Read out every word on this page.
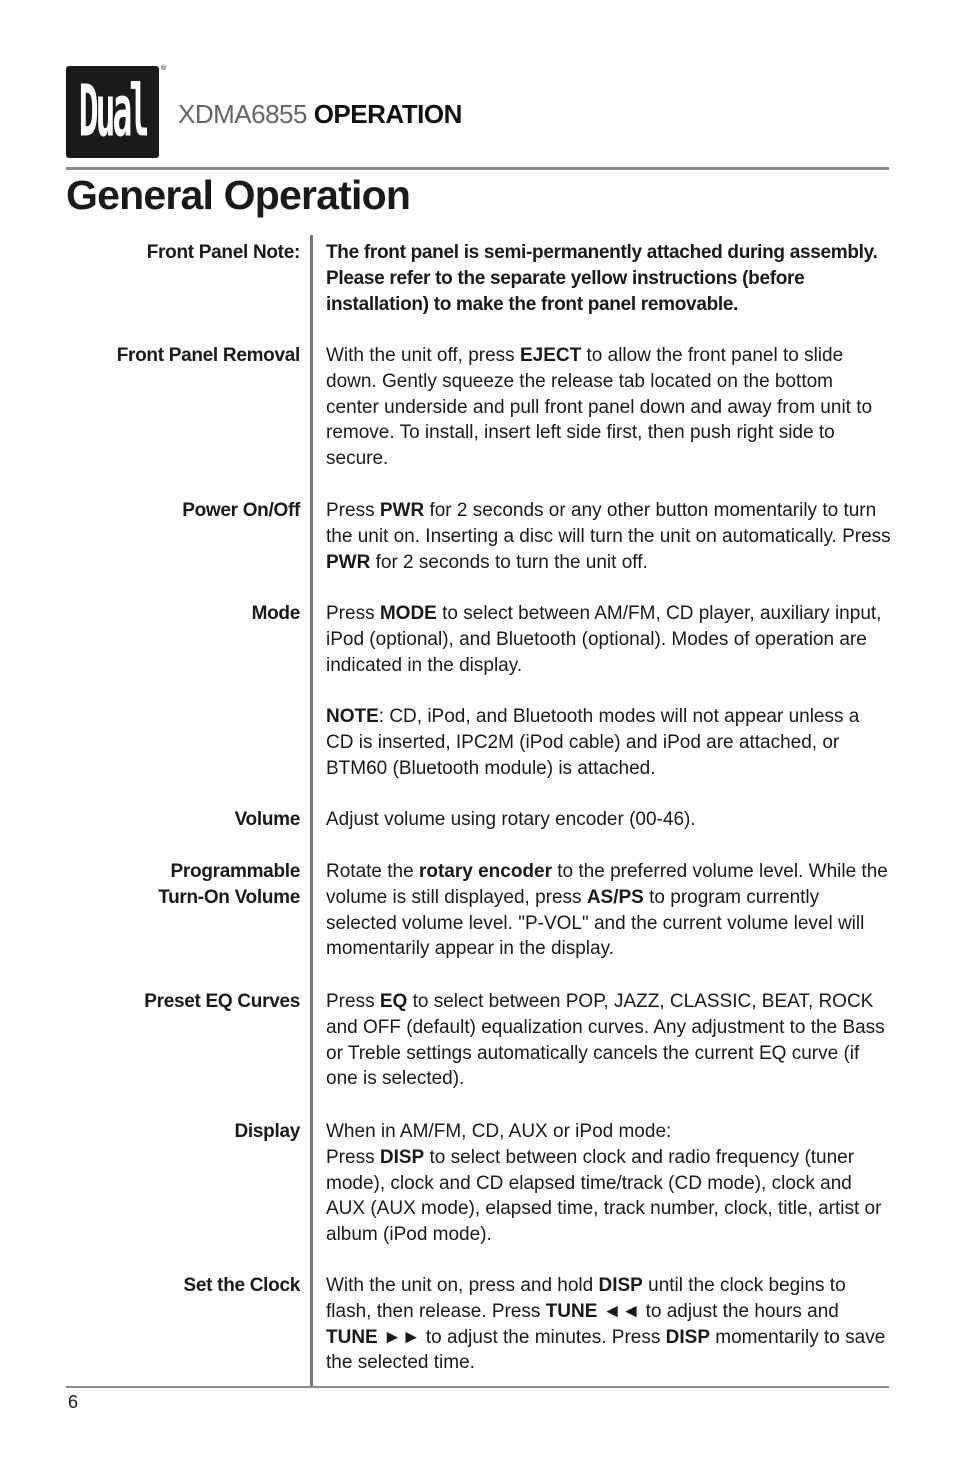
Dual
®
XDMA6855 OPERATION
General Operation
Front Panel Note: The front panel is semi-permanently attached during assembly. Please refer to the separate yellow instructions (before installation) to make the front panel removable.
Front Panel Removal With the unit off, press EJECT to allow the front panel to slide down. Gently squeeze the release tab located on the bottom center underside and pull front panel down and away from unit to remove. To install, insert left side first, then push right side to secure.
Power On/Off Press PWR for 2 seconds or any other button momentarily to turn the unit on. Inserting a disc will turn the unit on automatically. Press PWR for 2 seconds to turn the unit off.
Mode Press MODE to select between AM/FM, CD player, auxiliary input, iPod (optional), and Bluetooth (optional). Modes of operation are indicated in the display.
NOTE: CD, iPod, and Bluetooth modes will not appear unless a CD is inserted, IPC2M (iPod cable) and iPod are attached, or BTM60 (Bluetooth module) is attached.
Volume Adjust volume using rotary encoder (00-46).
Programmable
Turn-On Volume
Rotate the rotary encoder to the preferred volume level. While the volume is still displayed, press AS/PS to program currently selected volume level. "P-VOL" and the current volume level will momentarily appear in the display.
Preset EQ Curves Press EQ to select between POP, JAZZ, CLASSIC, BEAT, ROCK and OFF (default) equalization curves. Any adjustment to the Bass or Treble settings automatically cancels the current EQ curve (if one is selected).
Display When in AM/FM, CD, AUX or iPod mode:
Press DISP to select between clock and radio frequency (tuner mode), clock and CD elapsed time/track (CD mode), clock and AUX (AUX mode), elapsed time, track number, clock, title, artist or album (iPod mode).
Set the Clock With the unit on, press and hold DISP until the clock begins to flash, then release. Press TUNE ◄◄ to adjust the hours and TUNE ►► to adjust the minutes. Press DISP momentarily to save the selected time.
6
